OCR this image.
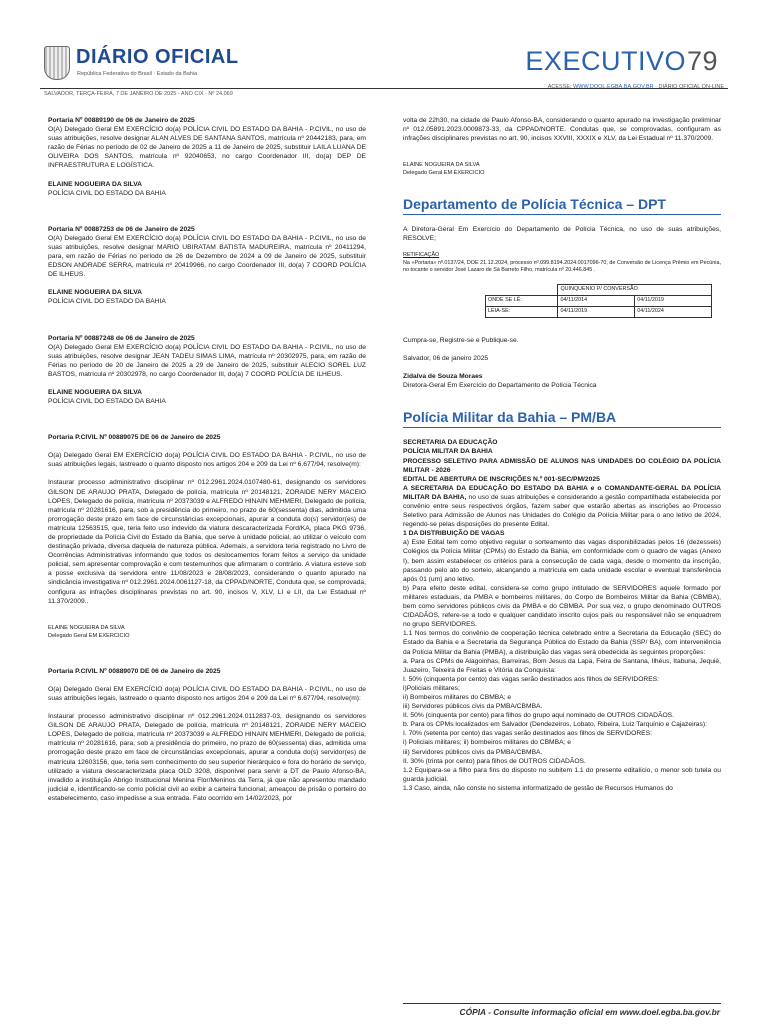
DIÁRIO OFICIAL
República Federativa do Brasil · Estado da Bahia	EXECUTIVO79
SALVADOR, TERÇA-FEIRA, 7 DE JANEIRO DE 2025 · ANO CIX · Nº 24.069
ACESSE: WWW.DOOL.EGBA.BA.GOV.BR · DIÁRIO OFICIAL ON-LINE

Portaria Nº 00889190 de 06 de Janeiro de 2025

O(A) Delegado Geral EM EXERCÍCIO do(a) POLÍCIA CIVIL DO ESTADO DA BAHIA - P.CIVIL, no uso de suas atribuições, resolve designar ALAN ALVES DE SANTANA SANTOS, matrícula nº 20442183, para, em razão de Férias no período de 02 de Janeiro de 2025 a 11 de Janeiro de 2025, substituir LAILA LUANA DE OLIVEIRA DOS SANTOS, matrícula nº 92040653, no cargo Coordenador III, do(a) DEP DE INFRAESTRUTURA E LOGÍSTICA.

ELAINE NOGUEIRA DA SILVA

POLÍCIA CIVIL DO ESTADO DA BAHIA

Portaria Nº 00887253 de 06 de Janeiro de 2025

O(A) Delegado Geral EM EXERCÍCIO do(a) POLÍCIA CIVIL DO ESTADO DA BAHIA - P.CIVIL, no uso de suas atribuições, resolve designar MARIO UBIRATAM BATISTA MADUREIRA, matrícula nº 20411294, para, em razão de Férias no período de 26 de Dezembro de 2024 a 09 de Janeiro de 2025, substituir EDSON ANDRADE SERRA, matrícula nº 20419966, no cargo Coordenador III, do(a) 7 COORD POLÍCIA DE ILHEUS.

ELAINE NOGUEIRA DA SILVA

POLÍCIA CIVIL DO ESTADO DA BAHIA

Portaria Nº 00887248 de 06 de Janeiro de 2025

O(A) Delegado Geral EM EXERCÍCIO do(a) POLÍCIA CIVIL DO ESTADO DA BAHIA - P.CIVIL, no uso de suas atribuições, resolve designar JEAN TADEU SIMAS LIMA, matrícula nº 20302975, para, em razão de Férias no período de 20 de Janeiro de 2025 a 29 de Janeiro de 2025, substituir ALECIO SOREL LUZ BASTOS, matrícula nº 20302978, no cargo Coordenador III, do(a) 7 COORD POLÍCIA DE ILHEUS.

ELAINE NOGUEIRA DA SILVA

POLÍCIA CIVIL DO ESTADO DA BAHIA

Portaria P.CIVIL Nº 00889075 DE 06 de Janeiro de 2025

O(a) Delegado Geral EM EXERCÍCIO do(a) POLÍCIA CIVIL DO ESTADO DA BAHIA - P.CIVIL, no uso de suas atribuições legais, lastreado o quanto disposto nos artigos 204 e 209 da Lei nº 6.677/94, resolve(m):

Instaurar processo administrativo disciplinar nº 012.2961.2024.0107480-61, designando os servidores GILSON DE ARAUJO PRATA, Delegado de polícia, matrícula nº 20148121, ZORAIDE NERY MACEIO LOPES, Delegado de polícia, matrícula nº 20373039 e ALFREDO HINAIN MEHMERI, Delegado de polícia, matrícula nº 20281616, para, sob a presidência do primeiro, no prazo de 60(sessenta) dias, admitida uma prorrogação deste prazo em face de circunstâncias excepcionais, apurar a conduta do(s) servidor(es) de matrícula 12563515, que, teria feito uso indevido da viatura descaracterizada Ford/KA, placa PKG 9736, de propriedade da Polícia Civil do Estado da Bahia, que serve à unidade policial, ao utilizar o veículo com destinação privada, diversa daquela de natureza pública. Ademais, a servidora teria registrado no Livro de Ocorrências Administrativas informando que todos os deslocamentos foram feitos a serviço da unidade policial, sem apresentar comprovação e com testemunhos que afirmaram o contrário. A viatura esteve sob a posse exclusiva da servidora entre 11/08/2023 e 28/08/2023, considerando o quanto apurado na sindicância investigativa nº 012.2961.2024.0061127-18, da CPPAD/NORTE, Conduta que, se comprovada, configura as infrações disciplinares previstas no art. 90, incisos V, XLV, LI e LII, da Lei Estadual nº 11.370/2009..

ELAINE NOGUEIRA DA SILVA

Delegado Geral EM EXERCICIO

Portaria P.CIVIL Nº 00889070 DE 06 de Janeiro de 2025

O(a) Delegado Geral EM EXERCÍCIO do(a) POLÍCIA CIVIL DO ESTADO DA BAHIA - P.CIVIL, no uso de suas atribuições legais, lastreado o quanto disposto nos artigos 204 e 209 da Lei nº 6.677/94, resolve(m):

Instaurar processo administrativo disciplinar nº 012.2961.2024.0112837-03, designando os servidores GILSON DE ARAUJO PRATA, Delegado de polícia, matrícula nº 20148121, ZORAIDE NERY MACEIO LOPES, Delegado de polícia, matrícula nº 20373039 e ALFREDO HINAIN MEHMERI, Delegado de polícia, matrícula nº 20281616, para, sob a presidência do primeiro, no prazo de 60(sessenta) dias, admitida uma prorrogação deste prazo em face de circunstâncias excepcionais, apurar a conduta do(s) servidor(es) de matrícula 12603156, que, teria sem conhecimento do seu superior hierárquico e fora do horário de serviço, utilizado a viatura descaracterizada placa OLD 3208, disponível para servir a DT de Paulo Afonso-BA, invadido a instituição Abrigo Institucional Menina Flor/Meninos da Terra, já que não apresentou mandado judicial e, identificando-se como policial civil ao exibir a carteira funcional, ameaçou de prisão o porteiro do estabelecimento, caso impedisse a sua entrada. Fato ocorrido em 14/02/2023, por

volta de 22h30, na cidade de Paulo Afonso-BA, considerando o quanto apurado na investigação preliminar nº 012.05891.2023.0009873-33, da CPPAD/NORTE. Condutas que, se comprovadas, configuram as infrações disciplinares previstas no art. 90, incisos XXVIII, XXXIX e XLV, da Lei Estadual nº 11.370/2009.

ELAINE NOGUEIRA DA SILVA

Delegado Geral EM EXERCICIO

Departamento de Polícia Técnica – DPT

A Diretora-Geral Em Exercício do Departamento de Polícia Técnica, no uso de suas atribuições, RESOLVE;

RETIFICAÇÃO

Na «Portaria» nº.0137/24, DOE 21.12.2024, processo nº.099.8194.2024.0017096-70, de Conversão de Licença Prêmio em Pecúnia, no tocante o servidor José Lazaro de Sá Barreto Filho, matrícula nº 20.446.845 .

	QUINQUENIO P/ CONVERSÃO	
ONDE SE LÊ:	04/11/2014	04/11/2019
LEIA-SE:	04/11/2019	04/11/2024

Cumpra-se, Registre-se e Publique-se.

Salvador, 06 de janeiro 2025

Zidalva de Souza Moraes

Diretora-Geral Em Exercício do Departamento de Polícia Técnica

Polícia Militar da Bahia – PM/BA

SECRETARIA DA EDUCAÇÃO

POLÍCIA MILITAR DA BAHIA

PROCESSO SELETIVO PARA ADMISSÃO DE ALUNOS NAS UNIDADES DO COLÉGIO DA POLÍCIA MILITAR - 2026

EDITAL DE ABERTURA DE INSCRIÇÕES N.º 001-SEC/PM/2025

A SECRETARIA DA EDUCAÇÃO DO ESTADO DA BAHIA e o COMANDANTE-GERAL DA POLÍCIA MILITAR DA BAHIA, no uso de suas atribuições e considerando a gestão compartilhada estabelecida por convênio entre seus respectivos órgãos, fazem saber que estarão abertas as inscrições ao Processo Seletivo para Admissão de Alunos nas Unidades do Colégio da Polícia Militar para o ano letivo de 2024, regendo-se pelas disposições do presente Edital.

1 DA DISTRIBUIÇÃO DE VAGAS

a) Este Edital tem como objetivo regular o sorteamento das vagas disponibilizadas pelos 16 (dezesseis) Colégios da Polícia Militar (CPMs) do Estado da Bahia, em conformidade com o quadro de vagas (Anexo I), bem assim estabelecer os critérios para a consecução de cada vaga, desde o momento da inscrição, passando pelo ato do sorteio, alcançando a matrícula em cada unidade escolar e eventual transferência após 01 (um) ano letivo.

b) Para efeito deste edital, considera-se como grupo intitulado de SERVIDORES aquele formado por militares estaduais, da PMBA e bombeiros militares, do Corpo de Bombeiros Militar da Bahia (CBMBA), bem como servidores públicos civis da PMBA e do CBMBA. Por sua vez, o grupo denominado OUTROS CIDADÃOS, refere-se a todo e qualquer candidato inscrito cujos pais ou responsável não se enquadrem no grupo SERVIDORES.

1.1 Nos termos do convênio de cooperação técnica celebrado entre a Secretaria da Educação (SEC) do Estado da Bahia e a Secretaria da Segurança Pública do Estado da Bahia (SSP/ BA), com interveniência da Polícia Militar da Bahia (PMBA), a distribuição das vagas será obedecida às seguintes proporções:

a. Para os CPMs de Alagoinhas, Barreiras, Bom Jesus da Lapa, Feira de Santana, Ilhéus, Itabuna, Jequié, Juazeiro, Teixeira de Freitas e Vitória da Conquista:

I. 50% (cinquenta por cento) das vagas serão destinados aos filhos de SERVIDORES:

i)Policiais militares;

ii) Bombeiros militares do CBMBA; e

iii) Servidores públicos civis da PMBA/CBMBA.

II. 50% (cinquenta por cento) para filhos do grupo aqui nominado de OUTROS CIDADÃOS.

b. Para os CPMs localizados em Salvador (Dendezeiros, Lobato, Ribeira, Luiz Tarquínio e Cajazeiras):

I. 70% (setenta por cento) das vagas serão destinados aos filhos de SERVIDORES:

i) Policiais militares; ii) bombeiros militares do CBMBA; e

iii) Servidores públicos civis da PMBA/CBMBA.

II. 30% (trinta por cento) para filhos de OUTROS CIDADÃOS.

1.2 Equipara-se a filho para fins do disposto no subitem 1.1 do presente editalício, o menor sob tutela ou guarda judicial.

1.3 Caso, ainda, não conste no sistema informatizado de gestão de Recursos Humanos do

CÓPIA - Consulte informação oficial em www.doel.egba.ba.gov.br
